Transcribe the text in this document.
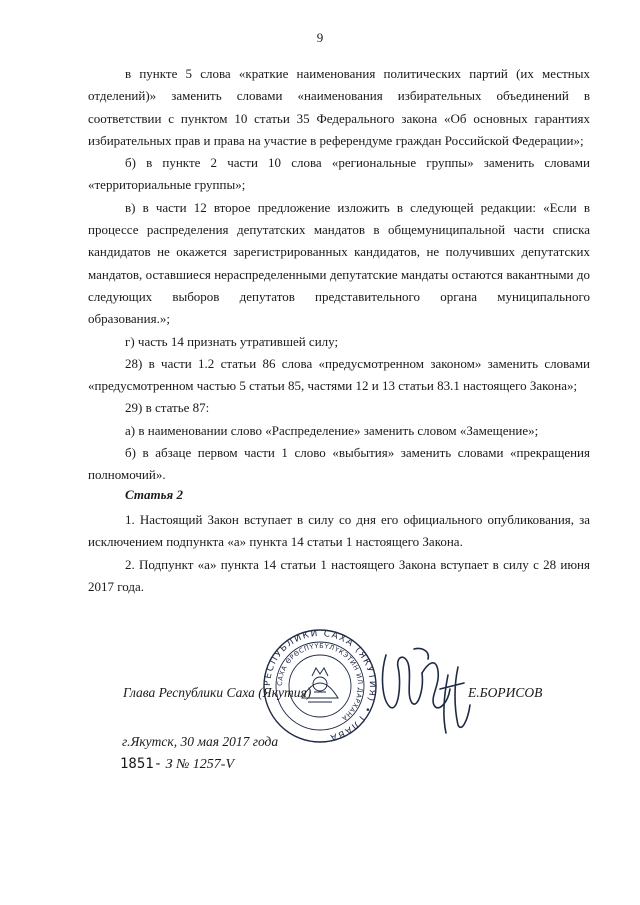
9

в пункте 5 слова «краткие наименования политических партий (их местных отделений)» заменить словами «наименования избирательных объединений в соответствии с пунктом 10 статьи 35 Федерального закона «Об основных гарантиях избирательных прав и права на участие в референдуме граждан Российской Федерации»;

б) в пункте 2 части 10 слова «региональные группы» заменить словами «территориальные группы»;

в) в части 12 второе предложение изложить в следующей редакции: «Если в процессе распределения депутатских мандатов в общемуниципальной части списка кандидатов не окажется зарегистрированных кандидатов, не получивших депутатских мандатов, оставшиеся нераспределенными депутатские мандаты остаются вакантными до следующих выборов депутатов представительного органа муниципального образования.»;

г) часть 14 признать утратившей силу;

28) в части 1.2 статьи 86 слова «предусмотренном законом» заменить словами «предусмотренном частью 5 статьи 85, частями 12 и 13 статьи 83.1 настоящего Закона»;

29) в статье 87:

а) в наименовании слово «Распределение» заменить словом «Замещение»;

б) в абзаце первом части 1 слово «выбытия» заменить словами «прекращения полномочий».

Статья 2

1. Настоящий Закон вступает в силу со дня его официального опубликования, за исключением подпункта «а» пункта 14 статьи 1 настоящего Закона.

2. Подпункт «а» пункта 14 статьи 1 настоящего Закона вступает в силу с 28 июня 2017 года.

РЕСПУБЛИКИ САХА (ЯКУТИЯ) • ГЛАВА
САХА ӨРӨСПҮҮБҮЛҮКЭТИН ИЛ ДАРХАНА
Глава Республики Саха (Якутия)	Е.БОРИСОВ
г.Якутск, 30 мая 2017 года
1851- З № 1257-V
